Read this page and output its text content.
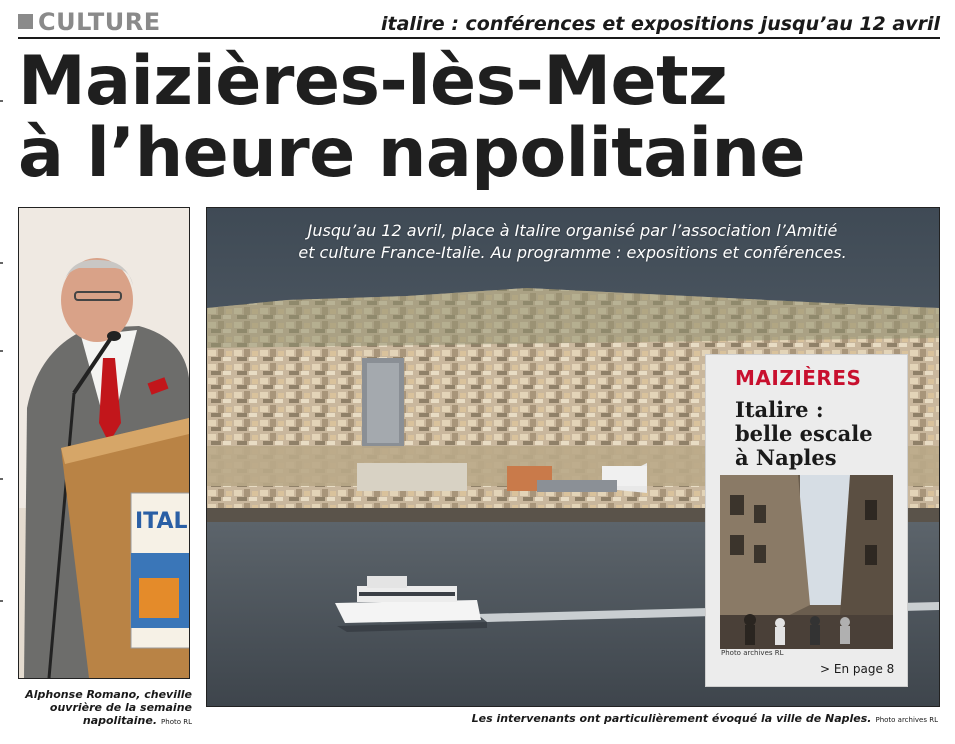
CULTURE	italire : conférences et expositions jusqu’au 12 avril
Maizières-lès-Metz
à l’heure napolitaine
ITAL
Alphonse Romano, cheville ouvrière de la semaine napolitaine. Photo RL
Jusqu’au 12 avril, place à Italire organisé par l’association l’Amitié
et culture France-Italie. Au programme : expositions et conférences.
Les intervenants ont particulièrement évoqué la ville de Naples. Photo archives RL
MAIZIÈRES
Italire :
belle escale
à Naples
Photo archives RL
> En page 8
